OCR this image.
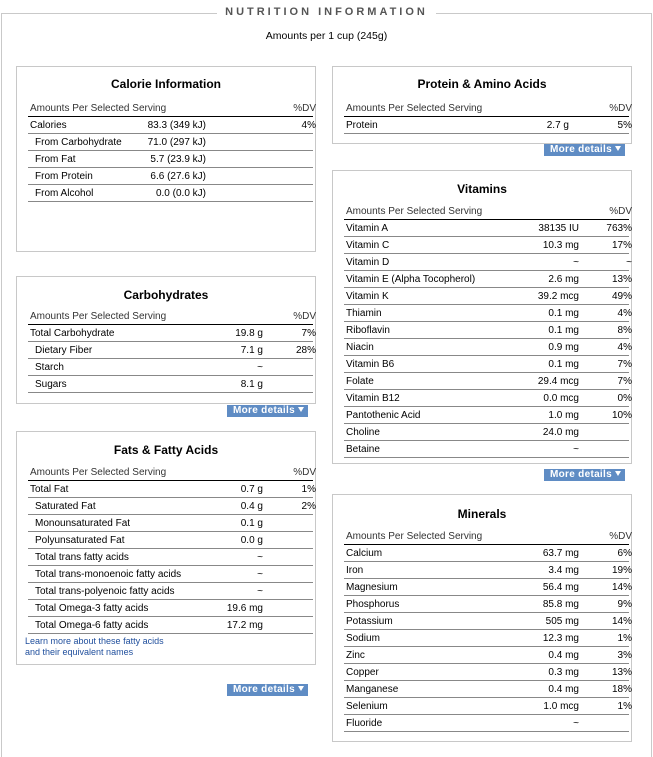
NUTRITION INFORMATION
Amounts per 1 cup (245g)
Calorie Information
Amounts Per Selected Serving	%DV
Calories	83.3 (349 kJ)	4%
From Carbohydrate	71.0 (297 kJ)
From Fat	5.7 (23.9 kJ)
From Protein	6.6 (27.6 kJ)
From Alcohol	0.0 (0.0 kJ)
Carbohydrates
Amounts Per Selected Serving	%DV
Total Carbohydrate	19.8 g	7%
Dietary Fiber	7.1 g	28%
Starch	~
Sugars	8.1 g
More details
Fats & Fatty Acids
Amounts Per Selected Serving	%DV
Total Fat	0.7 g	1%
Saturated Fat	0.4 g	2%
Monounsaturated Fat	0.1 g
Polyunsaturated Fat	0.0 g
Total trans fatty acids	~
Total trans-monoenoic fatty acids	~
Total trans-polyenoic fatty acids	~
Total Omega-3 fatty acids	19.6 mg
Total Omega-6 fatty acids	17.2 mg
Learn more about these fatty acids
and their equivalent names
More details
Protein & Amino Acids
Amounts Per Selected Serving	%DV
Protein	2.7 g	5%
More details
Vitamins
Amounts Per Selected Serving	%DV
Vitamin A	38135 IU	763%
Vitamin C	10.3 mg	17%
Vitamin D	~	~
Vitamin E (Alpha Tocopherol)	2.6 mg	13%
Vitamin K	39.2 mcg	49%
Thiamin	0.1 mg	4%
Riboflavin	0.1 mg	8%
Niacin	0.9 mg	4%
Vitamin B6	0.1 mg	7%
Folate	29.4 mcg	7%
Vitamin B12	0.0 mcg	0%
Pantothenic Acid	1.0 mg	10%
Choline	24.0 mg
Betaine	~
More details
Minerals
Amounts Per Selected Serving	%DV
Calcium	63.7 mg	6%
Iron	3.4 mg	19%
Magnesium	56.4 mg	14%
Phosphorus	85.8 mg	9%
Potassium	505 mg	14%
Sodium	12.3 mg	1%
Zinc	0.4 mg	3%
Copper	0.3 mg	13%
Manganese	0.4 mg	18%
Selenium	1.0 mcg	1%
Fluoride	~
